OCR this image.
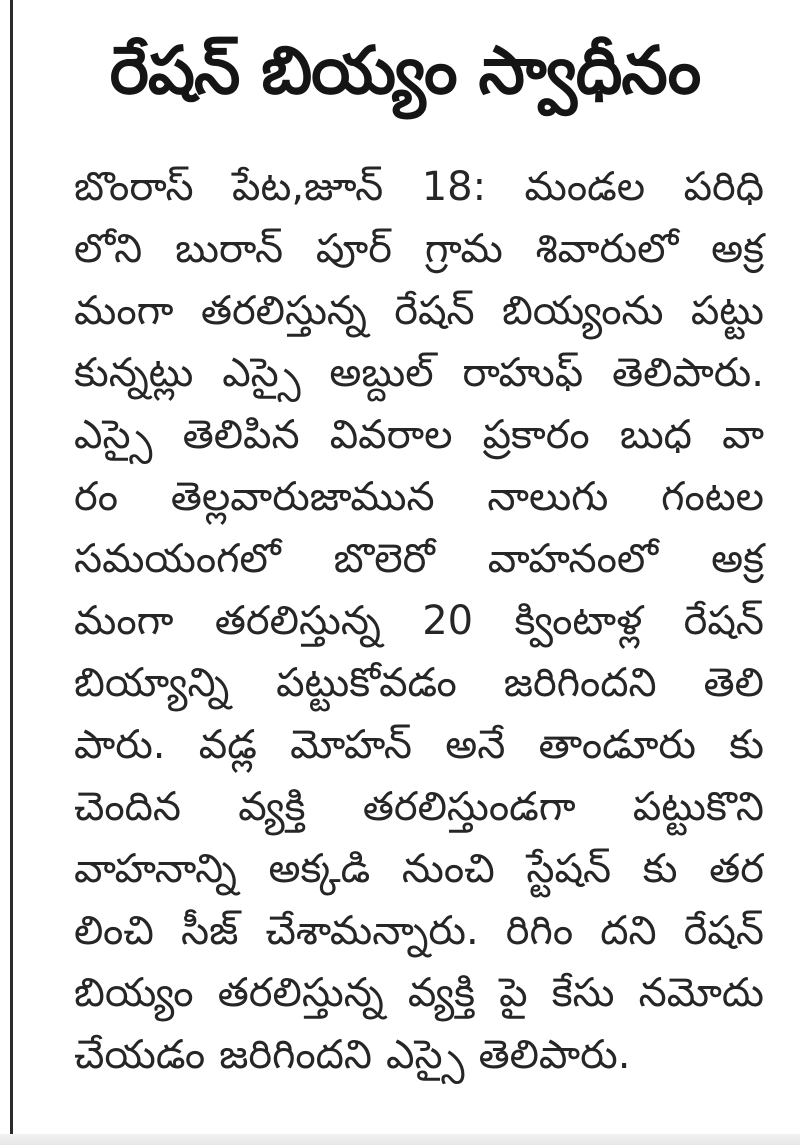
రేషన్ బియ్యం స్వాధీనం
బొంరాస్ పేట,జూన్ 18: మండల పరిధి
లోని బురాన్ పూర్ గ్రామ శివారులో అక్ర
మంగా తరలిస్తున్న రేషన్ బియ్యంను పట్టు
కున్నట్లు ఎస్సై అబ్దుల్ రాహుఫ్ తెలిపారు.
ఎస్సై తెలిపిన వివరాల ప్రకారం బుధ వా
రం తెల్లవారుజామున నాలుగు గంటల
సమయంగలో బొలెరో వాహనంలో అక్ర
మంగా తరలిస్తున్న 20 క్వింటాళ్ల రేషన్
బియ్యాన్ని పట్టుకోవడం జరిగిందని తెలి
పారు. వడ్ల మోహన్ అనే తాండూరు కు
చెందిన వ్యక్తి తరలిస్తుండగా పట్టుకొని
వాహనాన్ని అక్కడి నుంచి స్టేషన్ కు తర
లించి సీజ్ చేశామన్నారు. రిగిం దని రేషన్
బియ్యం తరలిస్తున్న వ్యక్తి పై కేసు నమోదు
చేయడం జరిగిందని ఎస్సై తెలిపారు.
